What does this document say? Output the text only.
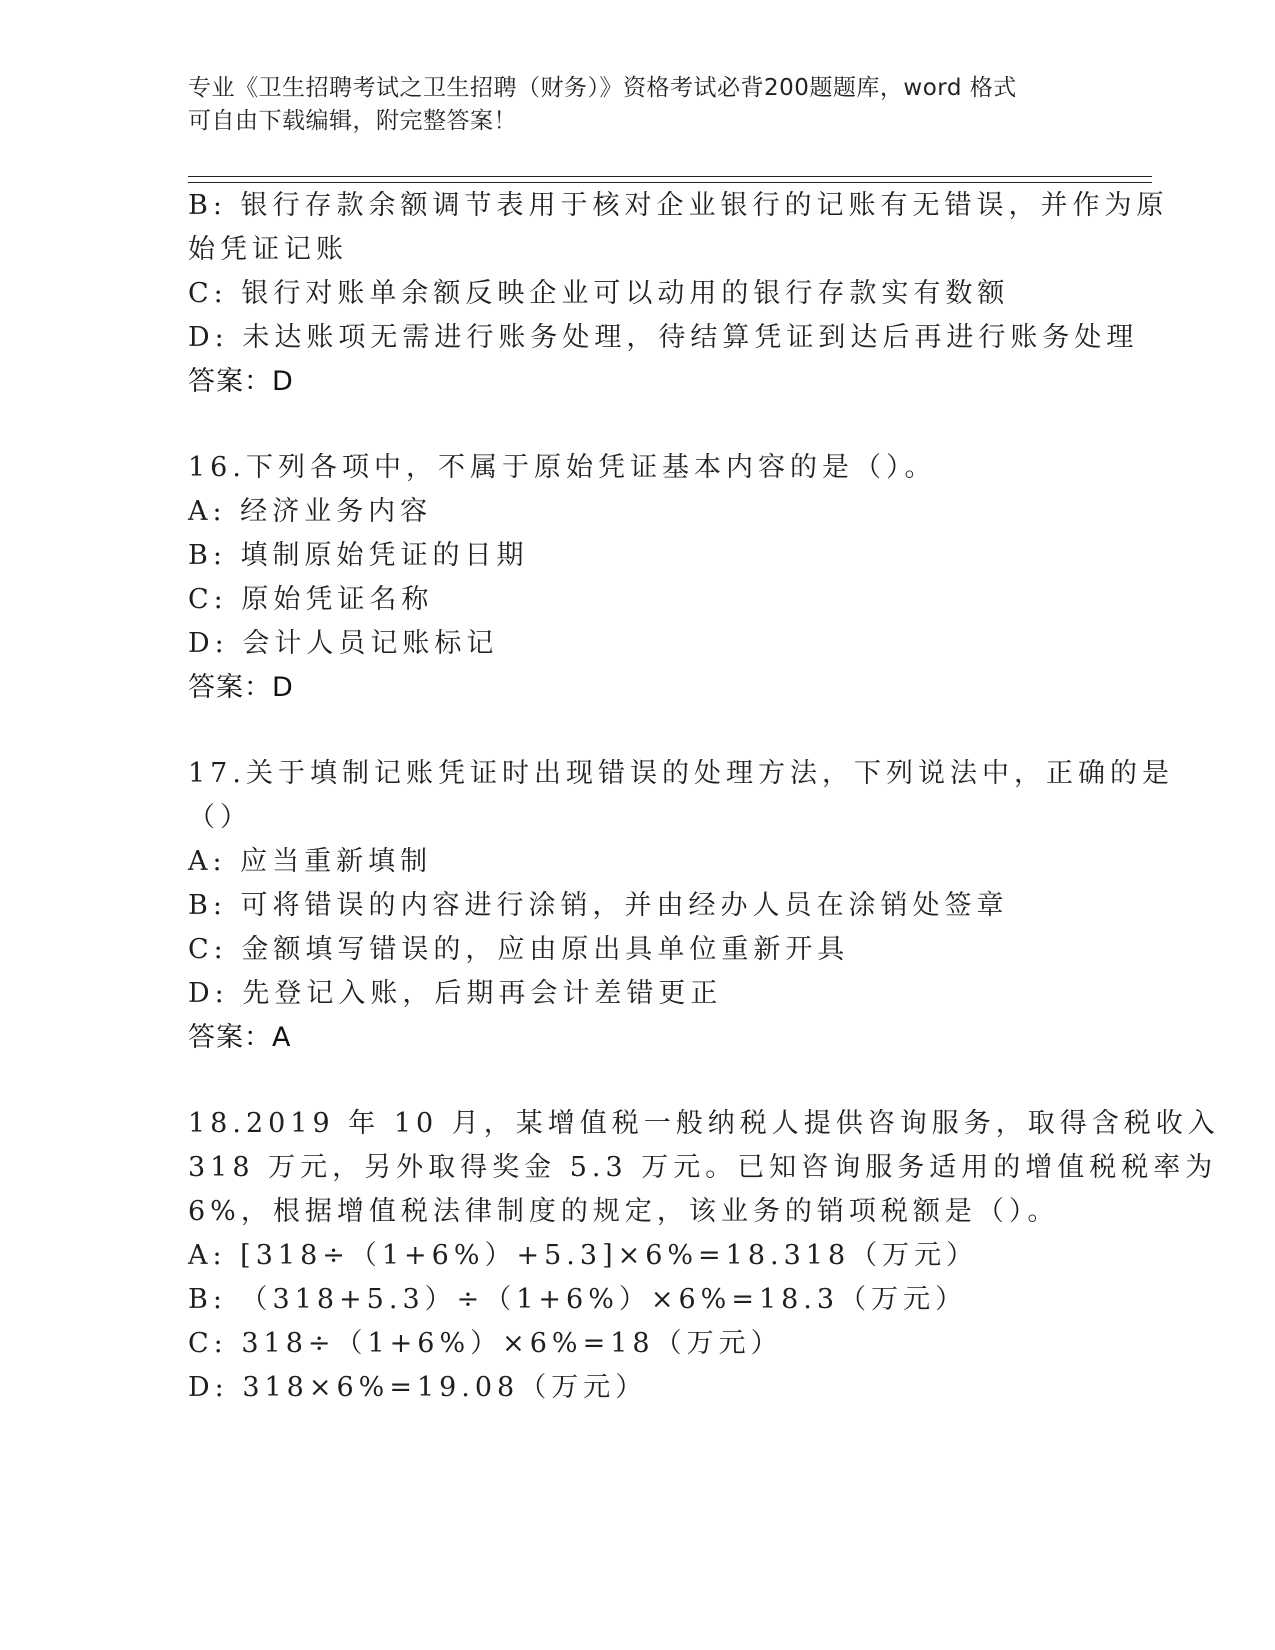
专业《卫生招聘考试之卫生招聘（财务）》资格考试必背200题题库，word 格式
可自由下载编辑，附完整答案！
B: 银行存款余额调节表用于核对企业银行的记账有无错误，并作为原
始凭证记账
C: 银行对账单余额反映企业可以动用的银行存款实有数额
D: 未达账项无需进行账务处理，待结算凭证到达后再进行账务处理
答案：D
16.下列各项中，不属于原始凭证基本内容的是（）。
A: 经济业务内容
B: 填制原始凭证的日期
C: 原始凭证名称
D: 会计人员记账标记
答案：D
17.关于填制记账凭证时出现错误的处理方法，下列说法中，正确的是
（）
A: 应当重新填制
B: 可将错误的内容进行涂销，并由经办人员在涂销处签章
C: 金额填写错误的，应由原出具单位重新开具
D: 先登记入账，后期再会计差错更正
答案：A
18.2019 年 10 月，某增值税一般纳税人提供咨询服务，取得含税收入
318 万元，另外取得奖金 5.3 万元。已知咨询服务适用的增值税税率为
6%，根据增值税法律制度的规定，该业务的销项税额是（）。
A: [318÷（1+6%）+5.3]×6%=18.318（万元）
B: （318+5.3）÷（1+6%）×6%=18.3（万元）
C: 318÷（1+6%）×6%=18（万元）
D: 318×6%=19.08（万元）
